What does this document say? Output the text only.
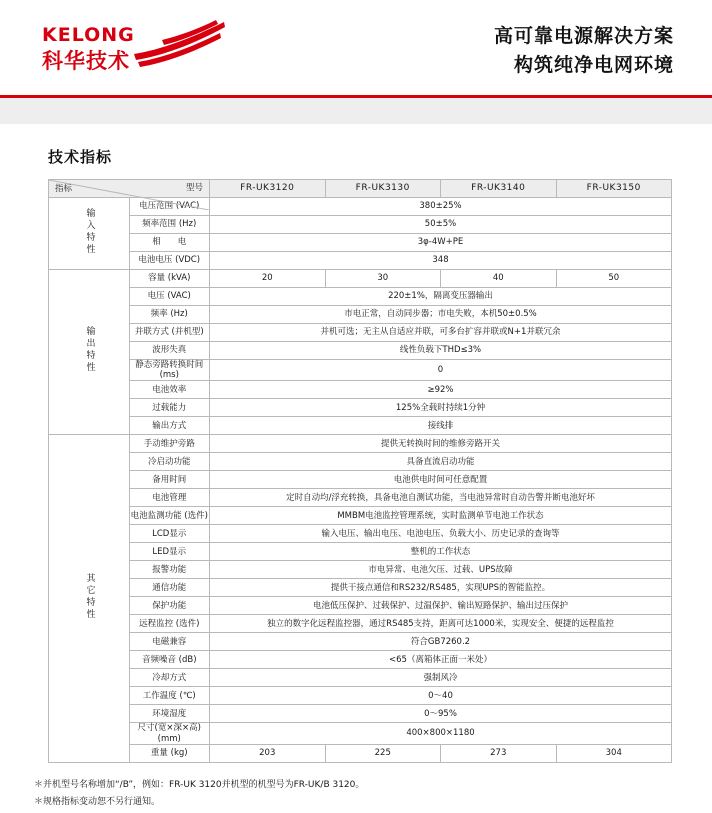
KELONG
科华技术
高可靠电源解决方案
构筑纯净电网环境
技术指标
型号
指标		FR-UK3120	FR-UK3130	FR-UK3140	FR-UK3150
输入特性	电压范围 (VAC)	380±25%			
	频率范围 (Hz)	50±5%			
	相　　电	3φ-4W+PE			
	电池电压 (VDC)	348			
输出特性	容量 (kVA)	20	30	40	50
	电压 (VAC)	220±1%，隔离变压器输出			
	频率 (Hz)	市电正常，自动同步器；市电失败，本机50±0.5%			
	并联方式 (并机型)	并机可选；无主从自适应并联，可多台扩容并联或N+1并联冗余			
	波形失真	线性负载下THD≤3%			
	静态旁路转换时间 (ms)	0			
	电池效率	≥92%			
	过载能力	125%全载时持续1分钟			
	输出方式	接线排			
其它特性	手动维护旁路	提供无转换时间的维修旁路开关			
	冷启动功能	具备直流启动功能			
	备用时间	电池供电时间可任意配置			
	电池管理	定时自动均/浮充转换，具备电池自测试功能，当电池异常时自动告警并断电池好坏			
	电池监测功能 (选件)	MMBM电池监控管理系统，实时监测单节电池工作状态			
	LCD显示	输入电压、输出电压、电池电压、负载大小、历史记录的查询等			
	LED显示	整机的工作状态			
	报警功能	市电异常、电池欠压、过载、UPS故障			
	通信功能	提供干接点通信和RS232/RS485，实现UPS的智能监控。			
	保护功能	电池低压保护、过载保护、过温保护、输出短路保护、输出过压保护			
	远程监控 (选件)	独立的数字化远程监控器，通过RS485支持，距离可达1000米，实现安全、便捷的远程监控			
	电磁兼容	符合GB7260.2			
	音频噪音 (dB)	<65（离箱体正面一米处）			
	冷却方式	强制风冷			
	工作温度 (℃)	0～40			
	环境湿度	0～95%			
	尺寸(宽×深×高) (mm)	400×800×1180			
	重量 (kg)	203	225	273	304
＊并机型号名称增加“/B”，例如：FR-UK 3120并机型的机型号为FR-UK/B 3120。
＊规格指标变动恕不另行通知。
